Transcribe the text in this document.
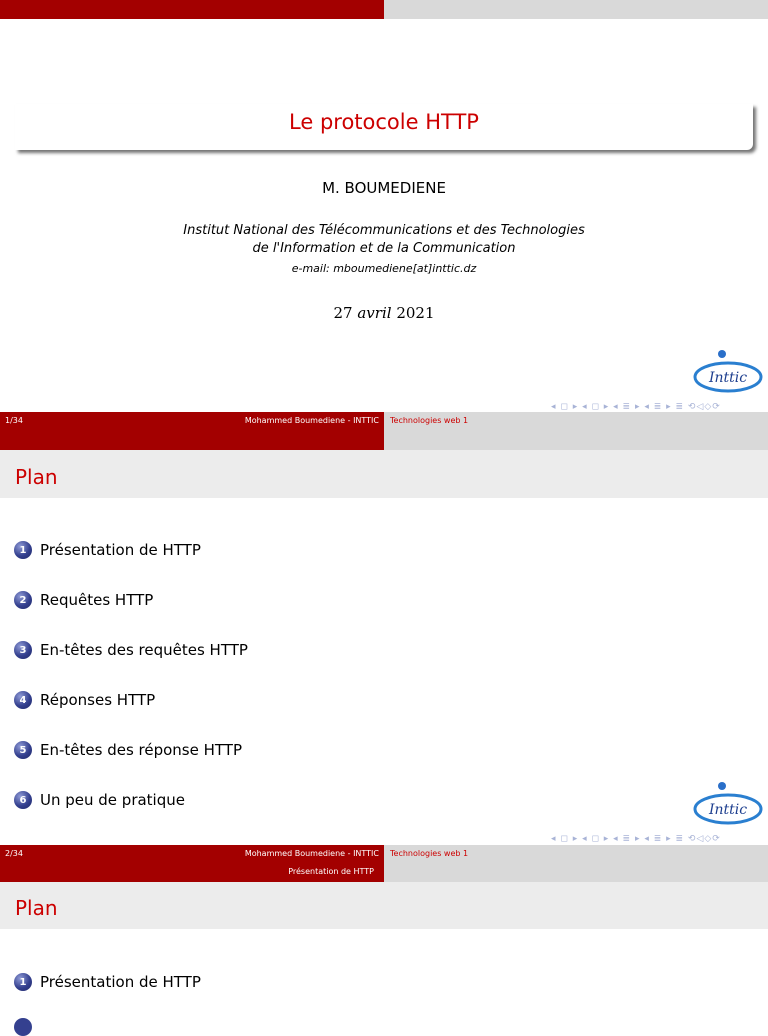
Le protocole HTTP
M. BOUMEDIENE
Institut National des Télécommunications et des Technologies
de l'Information et de la Communication
e-mail: mboumediene[at]inttic.dz
27 avril 2021
Inttic
◂ ◻ ▸ ◂ ◻ ▸ ◂ ≣ ▸ ◂ ≣ ▸ ≣ ⟲◁◇⟳
1/34	Mohammed Boumediene - INTTIC Technologies web 1
Plan
1 Présentation de HTTP
2 Requêtes HTTP
3 En-têtes des requêtes HTTP
4 Réponses HTTP
5 En-têtes des réponse HTTP
6 Un peu de pratique
Inttic
◂ ◻ ▸ ◂ ◻ ▸ ◂ ≣ ▸ ◂ ≣ ▸ ≣ ⟲◁◇⟳
2/34	Mohammed Boumediene - INTTIC
Présentation de HTTP
Technologies web 1
Plan
1 Présentation de HTTP
